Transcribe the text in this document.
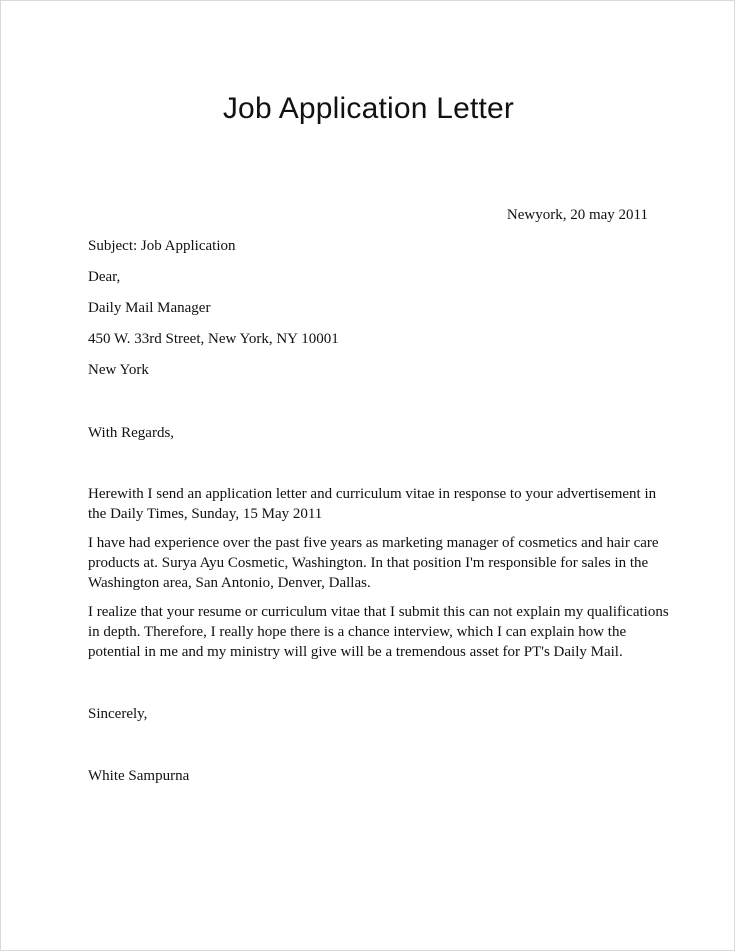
Job Application Letter
Newyork, 20 may 2011
Subject: Job Application
Dear,
Daily Mail Manager
450 W. 33rd Street, New York, NY 10001
New York
With Regards,
Herewith I send an application letter and curriculum vitae in response to your advertisement in
the Daily Times, Sunday, 15 May 2011
I have had experience over the past five years as marketing manager of cosmetics and hair care
products at. Surya Ayu Cosmetic, Washington. In that position I'm responsible for sales in the
Washington area, San Antonio, Denver, Dallas.
I realize that your resume or curriculum vitae that I submit this can not explain my qualifications
in depth. Therefore, I really hope there is a chance interview, which I can explain how the
potential in me and my ministry will give will be a tremendous asset for PT's Daily Mail.
Sincerely,
White Sampurna
